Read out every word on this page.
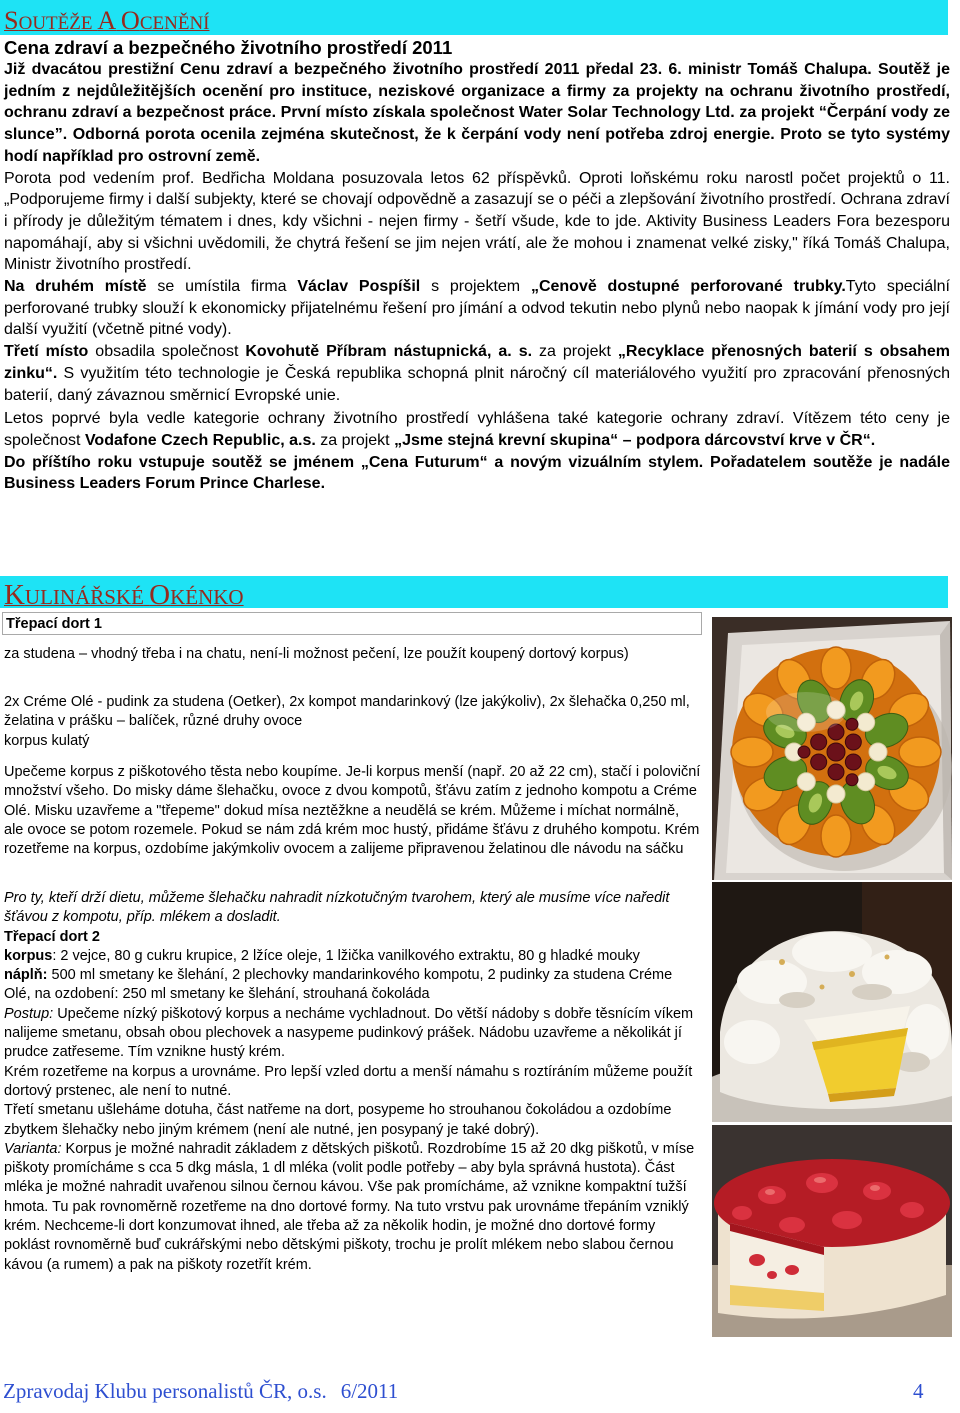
SOUTĚŽE A OCENĚNÍ
Cena zdraví a bezpečného životního prostředí 2011

Již dvacátou prestižní Cenu zdraví a bezpečného životního prostředí 2011 předal 23. 6. ministr Tomáš Chalupa. Soutěž je jedním z nejdůležitějších ocenění pro instituce, neziskové organizace a firmy za projekty na ochranu životního prostředí, ochranu zdraví a bezpečnost práce. První místo získala společnost Water Solar Technology Ltd. za projekt “Čerpání vody ze slunce”. Odborná porota ocenila zejména skutečnost, že k čerpání vody není potřeba zdroj energie. Proto se tyto systémy hodí například pro ostrovní země.

Porota pod vedením prof. Bedřicha Moldana posuzovala letos 62 příspěvků. Oproti loňskému roku narostl počet projektů o 11. „Podporujeme firmy i další subjekty, které se chovají odpovědně a zasazují se o péči a zlepšování životního prostředí. Ochrana zdraví i přírody je důležitým tématem i dnes, kdy všichni - nejen firmy - šetří všude, kde to jde. Aktivity Business Leaders Fora bezesporu napomáhají, aby si všichni uvědomili, že chytrá řešení se jim nejen vrátí, ale že mohou i znamenat velké zisky," říká Tomáš Chalupa, Ministr životního prostředí.

Na druhém místě se umístila firma Václav Pospíšil s projektem „Cenově dostupné perforované trubky.Tyto speciální perforované trubky slouží k ekonomicky přijatelnému řešení pro jímání a odvod tekutin nebo plynů nebo naopak k jímání vody pro její další využití (včetně pitné vody).

Třetí místo obsadila společnost Kovohutě Příbram nástupnická, a. s. za projekt „Recyklace přenosných baterií s obsahem zinku“. S využitím této technologie je Česká republika schopná plnit náročný cíl materiálového využití pro zpracování přenosných baterií, daný závaznou směrnicí Evropské unie.

Letos poprvé byla vedle kategorie ochrany životního prostředí vyhlášena také kategorie ochrany zdraví. Vítězem této ceny je společnost Vodafone Czech Republic, a.s. za projekt „Jsme stejná krevní skupina“ – podpora dárcovství krve v ČR“.

Do příštího roku vstupuje soutěž se jménem „Cena Futurum“ a novým vizuálním stylem. Pořadatelem soutěže je nadále Business Leaders Forum Prince Charlese.

KULINÁŘSKÉ OKÉNKO
Třepací dort 1
za studena – vhodný třeba i na chatu, není-li možnost pečení, lze použít koupený dortový korpus)
2x Créme Olé - pudink za studena (Oetker), 2x kompot mandarinkový (lze jakýkoliv), 2x šlehačka 0,250 ml, želatina v prášku – balíček, různé druhy ovoce
korpus kulatý
Upečeme korpus z piškotového těsta nebo koupíme. Je-li korpus menší (např. 20 až 22 cm), stačí i poloviční množství všeho. Do misky dáme šlehačku, ovoce z dvou kompotů, šťávu zatím z jednoho kompotu a Créme Olé. Misku uzavřeme a "třepeme" dokud mísa neztěžkne a neudělá se krém. Můžeme i míchat normálně, ale ovoce se potom rozemele. Pokud se nám zdá krém moc hustý, přidáme šťávu z druhého kompotu. Krém rozetřeme na korpus, ozdobíme jakýmkoliv ovocem a zalijeme připravenou želatinou dle návodu na sáčku

Pro ty, kteří drží dietu, můžeme šlehačku nahradit nízkotučným tvarohem, který ale musíme více naředit šťávou z kompotu, příp. mlékem a dosladit.

Třepací dort 2

korpus: 2 vejce, 80 g cukru krupice, 2 lžíce oleje, 1 lžička vanilkového extraktu, 80 g hladké mouky

náplň: 500 ml smetany ke šlehání, 2 plechovky mandarinkového kompotu, 2 pudinky za studena Créme Olé, na ozdobení: 250 ml smetany ke šlehání, strouhaná čokoláda

Postup: Upečeme nízký piškotový korpus a necháme vychladnout. Do větší nádoby s dobře těsnícím víkem nalijeme smetanu, obsah obou plechovek a nasypeme pudinkový prášek. Nádobu uzavřeme a několikát jí prudce zatřeseme. Tím vznikne hustý krém.

Krém rozetřeme na korpus a urovnáme. Pro lepší vzled dortu a menší námahu s roztíráním můžeme použít dortový prstenec, ale není to nutné.

Třetí smetanu ušleháme dotuha, část natřeme na dort, posypeme ho strouhanou čokoládou a ozdobíme zbytkem šlehačky nebo jiným krémem (není ale nutné, jen posypaný je také dobrý).

Varianta: Korpus je možné nahradit základem z dětských piškotů. Rozdrobíme 15 až 20 dkg piškotů, v míse piškoty promícháme s cca 5 dkg másla, 1 dl mléka (volit podle potřeby – aby byla správná hustota). Část mléka je možné nahradit uvařenou silnou černou kávou. Vše pak promícháme, až vznikne kompaktní tužší hmota. Tu pak rovnoměrně rozetřeme na dno dortové formy. Na tuto vrstvu pak urovnáme třepáním vzniklý krém. Nechceme-li dort konzumovat ihned, ale třeba až za několik hodin, je možné dno dortové formy poklást rovnoměrně buď cukrářskými nebo dětskými piškoty, trochu je prolít mlékem nebo slabou černou kávou (a rumem) a pak na piškoty rozetřít krém.

Zpravodaj Klubu personalistů ČR, o.s. 6/2011	4
